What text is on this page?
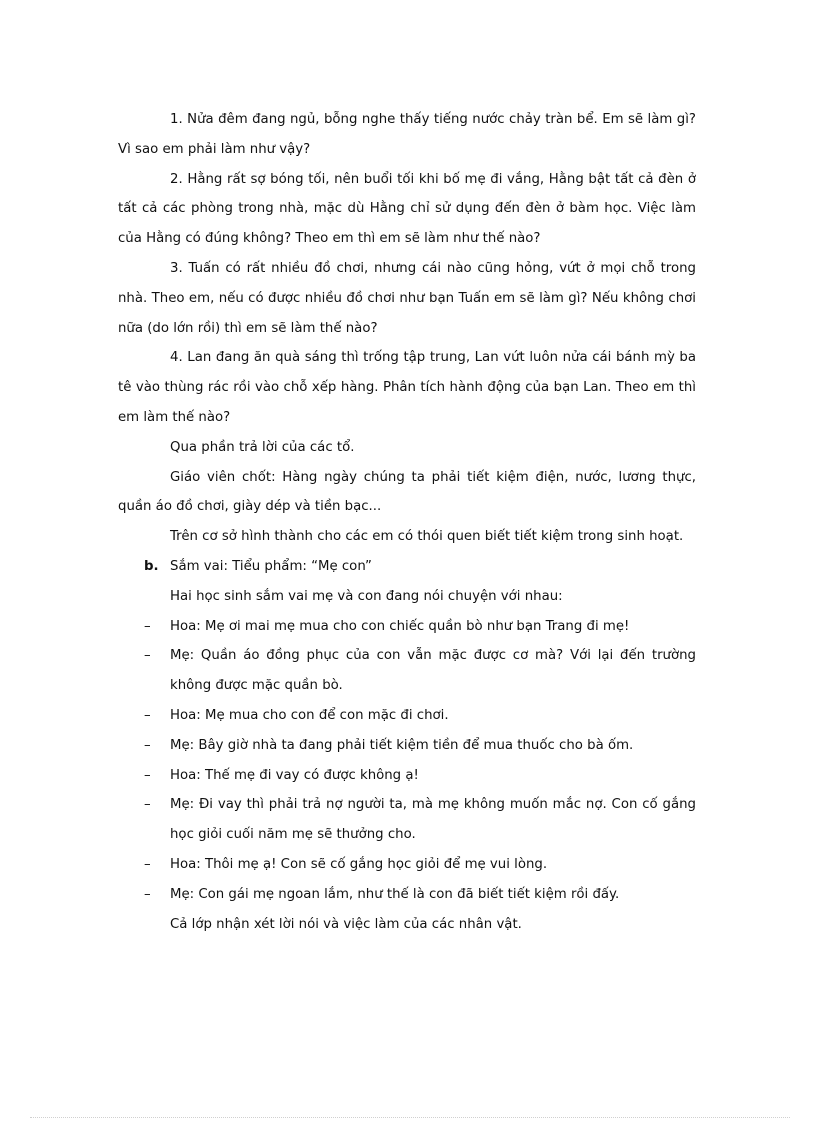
1. Nửa đêm đang ngủ, bỗng nghe thấy tiếng nước chảy tràn bể. Em sẽ làm gì? Vì sao em phải làm như vậy?

2. Hằng rất sợ bóng tối, nên buổi tối khi bố mẹ đi vắng, Hằng bật tất cả đèn ở tất cả các phòng trong nhà, mặc dù Hằng chỉ sử dụng đến đèn ở bàm học. Việc làm của Hằng có đúng không? Theo em thì em sẽ làm như thế nào?

3. Tuấn có rất nhiều đồ chơi, nhưng cái nào cũng hỏng, vứt ở mọi chỗ trong nhà. Theo em, nếu có được nhiều đồ chơi như bạn Tuấn em sẽ làm gì? Nếu không chơi nữa (do lớn rồi) thì em sẽ làm thế nào?

4. Lan đang ăn quà sáng thì trống tập trung, Lan vứt luôn nửa cái bánh mỳ ba tê vào thùng rác rồi vào chỗ xếp hàng. Phân tích hành động của bạn Lan. Theo em thì em làm thế nào?

Qua phần trả lời của các tổ.

Giáo viên chốt: Hàng ngày chúng ta phải tiết kiệm điện, nước, lương thực, quần áo đồ chơi, giày dép và tiền bạc...

Trên cơ sở hình thành cho các em có thói quen biết tiết kiệm trong sinh hoạt.

b. Sắm vai: Tiểu phẩm: “Mẹ con”

Hai học sinh sắm vai mẹ và con đang nói chuyện với nhau:

– Hoa: Mẹ ơi mai mẹ mua cho con chiếc quần bò như bạn Trang đi mẹ!
– Mẹ: Quần áo đồng phục của con vẫn mặc được cơ mà? Với lại đến trường không được mặc quần bò.
– Hoa: Mẹ mua cho con để con mặc đi chơi.
– Mẹ: Bây giờ nhà ta đang phải tiết kiệm tiền để mua thuốc cho bà ốm.
– Hoa: Thế mẹ đi vay có được không ạ!
– Mẹ: Đi vay thì phải trả nợ người ta, mà mẹ không muốn mắc nợ. Con cố gắng học giỏi cuối năm mẹ sẽ thưởng cho.
– Hoa: Thôi mẹ ạ! Con sẽ cố gắng học giỏi để mẹ vui lòng.
– Mẹ: Con gái mẹ ngoan lắm, như thế là con đã biết tiết kiệm rồi đấy.

Cả lớp nhận xét lời nói và việc làm của các nhân vật.
